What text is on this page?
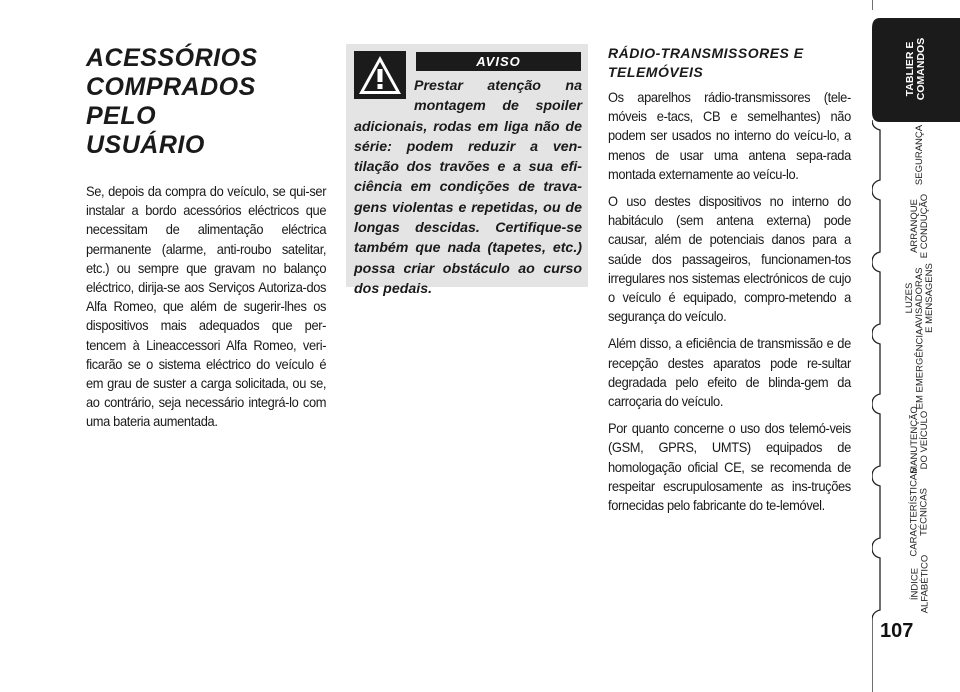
ACESSÓRIOS
COMPRADOS PELO
USUÁRIO

Se, depois da compra do veículo, se qui-ser instalar a bordo acessórios eléctricos que necessitam de alimentação eléctrica permanente (alarme, anti-roubo satelitar, etc.) ou sempre que gravam no balanço eléctrico, dirija-se aos Serviços Autoriza-dos Alfa Romeo, que além de sugerir-lhes os dispositivos mais adequados que per-tencem à Lineaccessori Alfa Romeo, veri-ficarão se o sistema eléctrico do veículo é em grau de suster a carga solicitada, ou se, ao contrário, seja necessário integrá-lo com uma bateria aumentada.

AVISO
Prestar atenção na montagem de spoiler adicionais, rodas em liga não de série: podem reduzir a ven-tilação dos travões e a sua efi-ciência em condições de trava-gens violentas e repetidas, ou de longas descidas. Certifique-se também que nada (tapetes, etc.) possa criar obstáculo ao curso dos pedais.
RÁDIO-TRANSMISSORES E
TELEMÓVEIS

Os aparelhos rádio-transmissores (tele-móveis e-tacs, CB e semelhantes) não podem ser usados no interno do veícu-lo, a menos de usar uma antena sepa-rada montada externamente ao veícu-lo.

O uso destes dispositivos no interno do habitáculo (sem antena externa) pode causar, além de potenciais danos para a saúde dos passageiros, funcionamen-tos irregulares nos sistemas electrónicos de cujo o veículo é equipado, compro-metendo a segurança do veículo.

Além disso, a eficiência de transmissão e de recepção destes aparatos pode re-sultar degradada pelo efeito de blinda-gem da carroçaria do veículo.

Por quanto concerne o uso dos telemó-veis (GSM, GPRS, UMTS) equipados de homologação oficial CE, se recomenda de respeitar escrupulosamente as ins-truções fornecidas pelo fabricante do te-lemóvel.

TABLIER E
COMANDOS
SEGURANÇA
ARRANQUE
E CONDUÇÃO
LUZES
AVISADORAS
E MENSAGENS
EM EMERGÊNCIA
MANUTENÇÃO
DO VEÍCULO
CARACTERÍSTICAS
TÉCNICAS
ÍNDICE
ALFABÉTICO
107
